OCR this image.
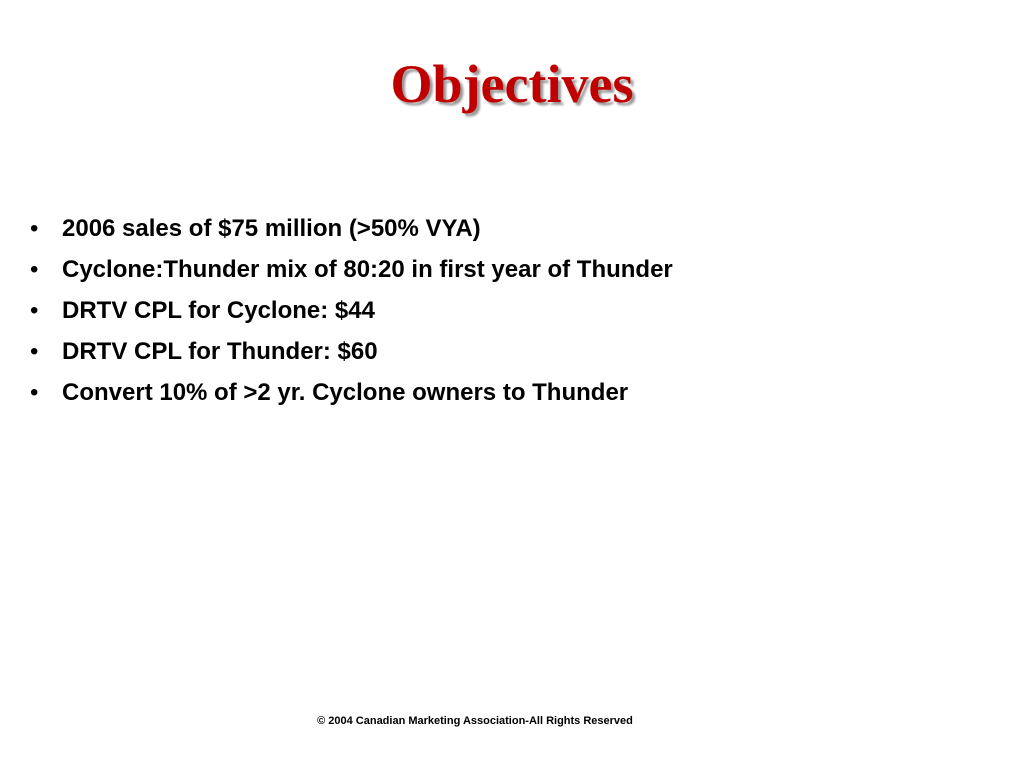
Objectives
• 2006 sales of $75 million (>50% VYA)
• Cyclone:Thunder mix of 80:20 in first year of Thunder
• DRTV CPL for Cyclone: $44
• DRTV CPL for Thunder: $60
• Convert 10% of >2 yr. Cyclone owners to Thunder
© 2004 Canadian Marketing Association-All Rights Reserved
